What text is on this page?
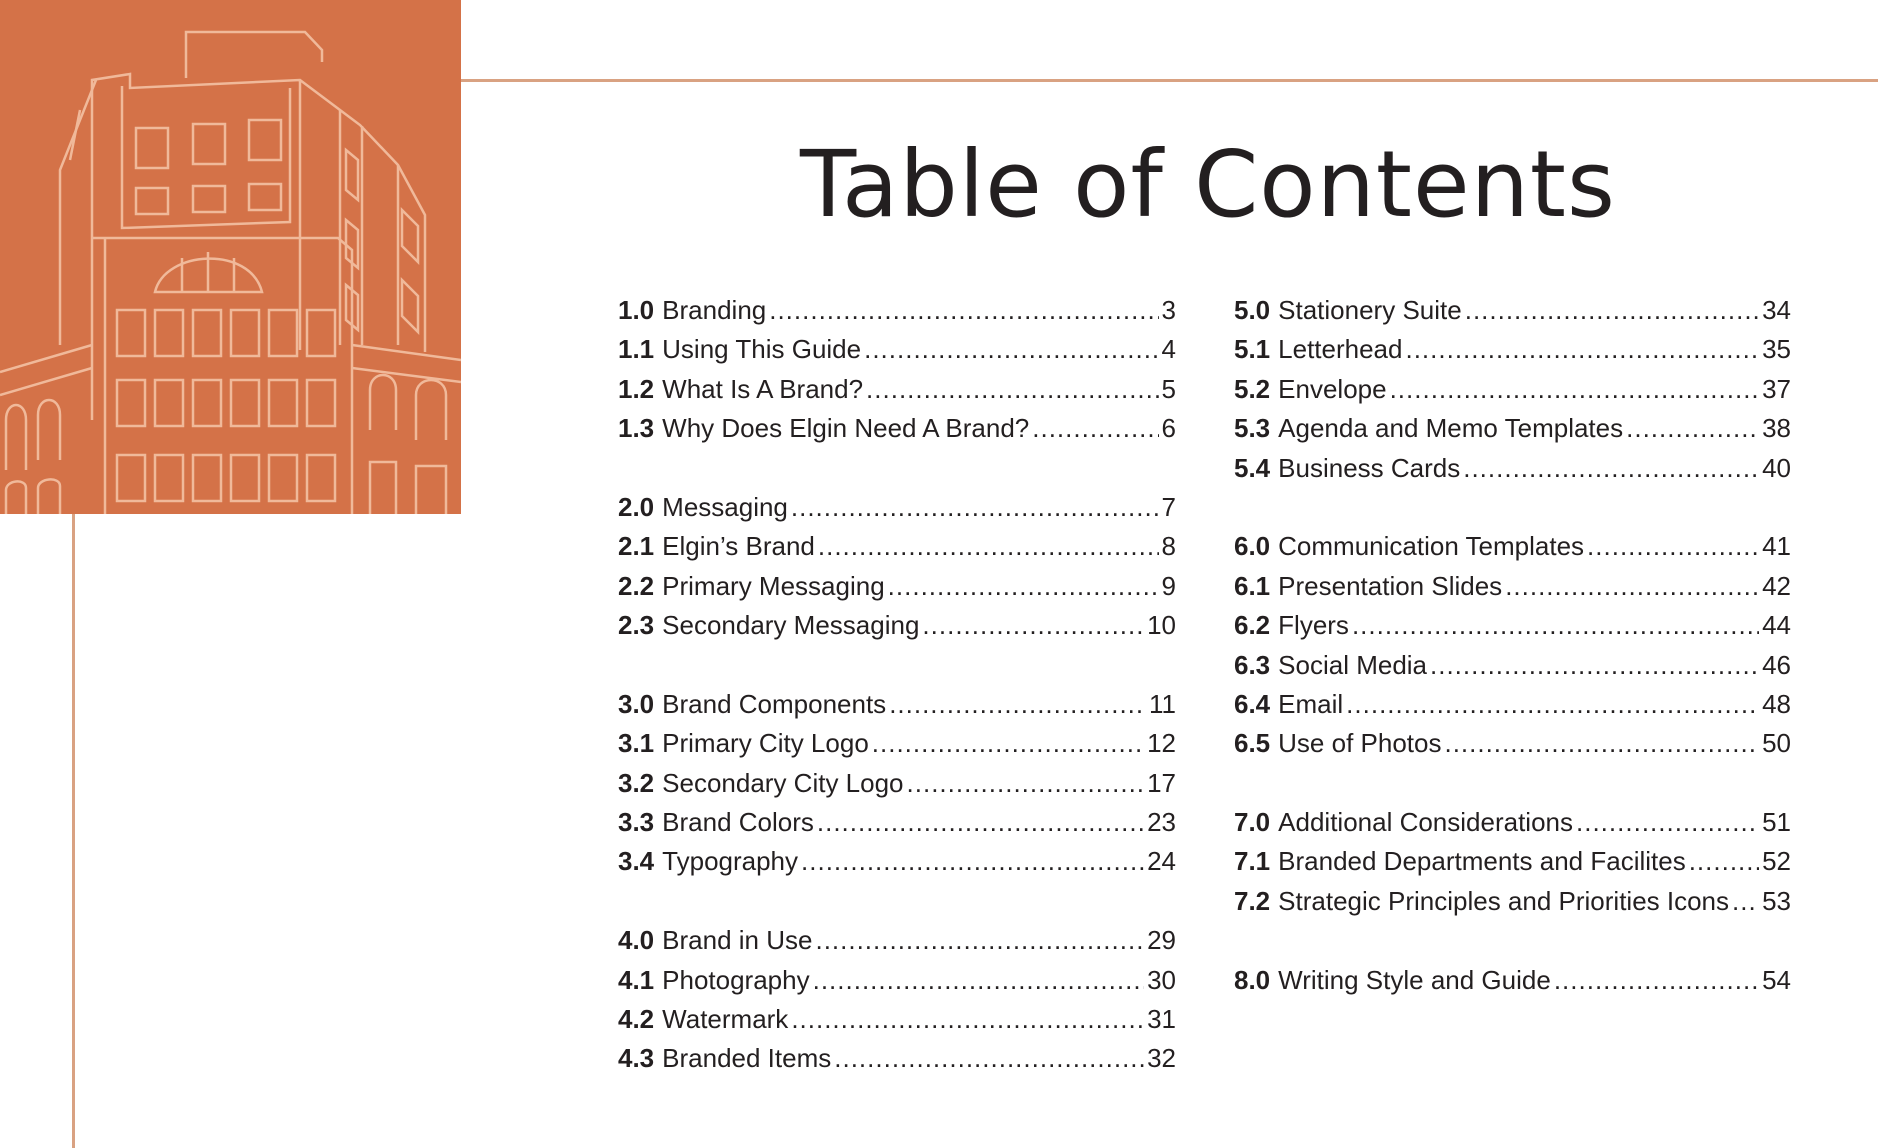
Table of Contents
1.0 Branding .....	3
1.1 Using This Guide .....	4
1.2 What Is A Brand? .....	5
1.3 Why Does Elgin Need A Brand? .....	6
2.0 Messaging .....	7
2.1 Elgin’s Brand .....	8
2.2 Primary Messaging .....	9
2.3 Secondary Messaging .....	10
3.0 Brand Components .....	11
3.1 Primary City Logo .....	12
3.2 Secondary City Logo .....	17
3.3 Brand Colors .....	23
3.4 Typography .....	24
4.0 Brand in Use .....	29
4.1 Photography .....	30
4.2 Watermark .....	31
4.3 Branded Items .....	32
5.0 Stationery Suite .....	34
5.1 Letterhead .....	35
5.2 Envelope .....	37
5.3 Agenda and Memo Templates .....	38
5.4 Business Cards .....	40
6.0 Communication Templates .....	41
6.1 Presentation Slides .....	42
6.2 Flyers .....	44
6.3 Social Media .....	46
6.4 Email .....	48
6.5 Use of Photos .....	50
7.0 Additional Considerations .....	51
7.1 Branded Departments and Facilites .....	52
7.2 Strategic Principles and Priorities Icons ..... 53
8.0 Writing Style and Guide .....	54
